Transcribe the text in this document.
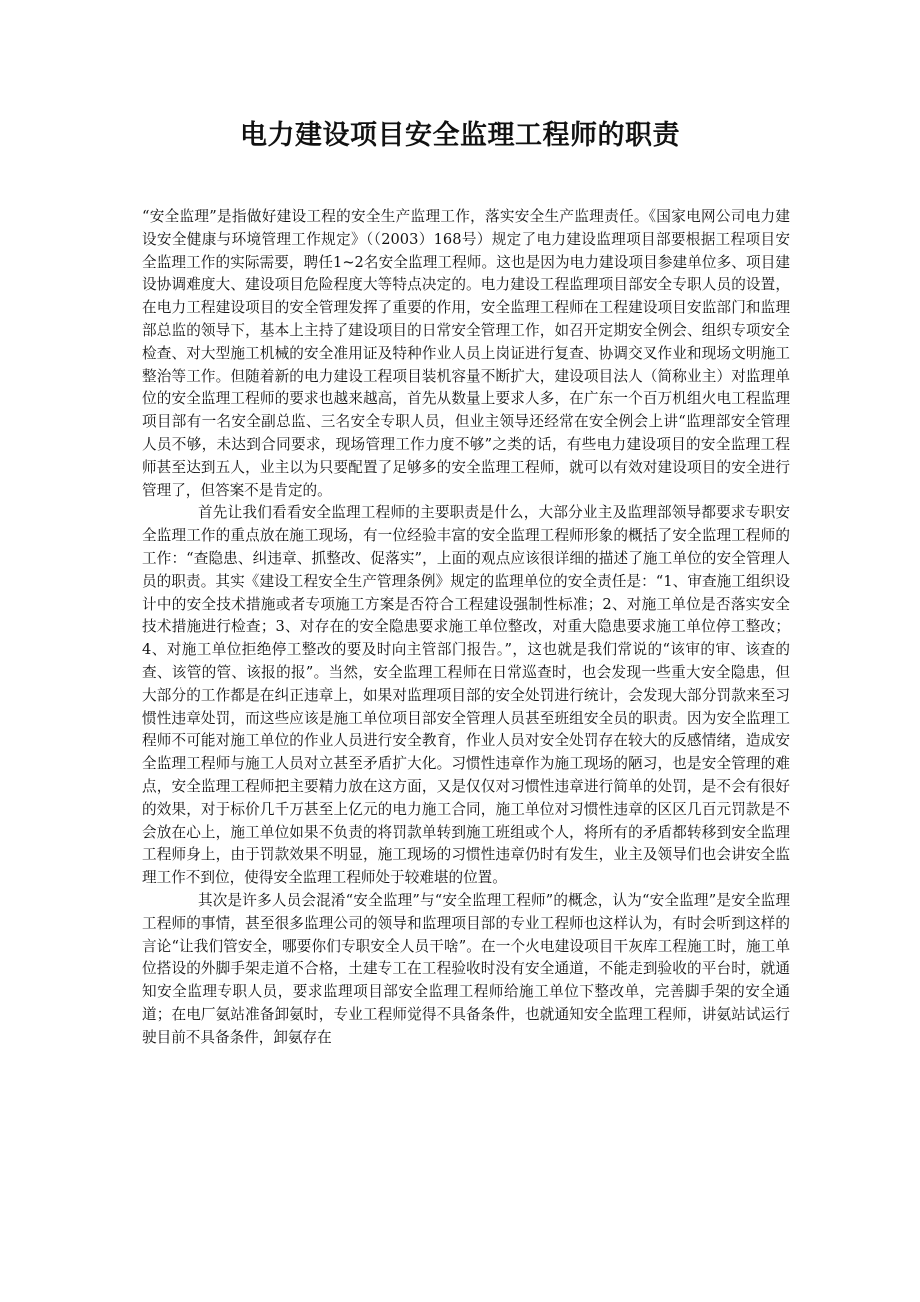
电力建设项目安全监理工程师的职责

“安全监理”是指做好建设工程的安全生产监理工作，落实安全生产监理责任。《国家电网公司电力建设安全健康与环境管理工作规定》（（2003）168号）规定了电力建设监理项目部要根据工程项目安全监理工作的实际需要，聘任1~2名安全监理工程师。这也是因为电力建设项目参建单位多、项目建设协调难度大、建设项目危险程度大等特点决定的。电力建设工程监理项目部安全专职人员的设置，在电力工程建设项目的安全管理发挥了重要的作用，安全监理工程师在工程建设项目安监部门和监理部总监的领导下，基本上主持了建设项目的日常安全管理工作，如召开定期安全例会、组织专项安全检查、对大型施工机械的安全准用证及特种作业人员上岗证进行复查、协调交叉作业和现场文明施工整治等工作。但随着新的电力建设工程项目装机容量不断扩大，建设项目法人（简称业主）对监理单位的安全监理工程师的要求也越来越高，首先从数量上要求人多，在广东一个百万机组火电工程监理项目部有一名安全副总监、三名安全专职人员，但业主领导还经常在安全例会上讲“监理部安全管理人员不够，未达到合同要求，现场管理工作力度不够”之类的话，有些电力建设项目的安全监理工程师甚至达到五人，业主以为只要配置了足够多的安全监理工程师，就可以有效对建设项目的安全进行管理了，但答案不是肯定的。

首先让我们看看安全监理工程师的主要职责是什么，大部分业主及监理部领导都要求专职安全监理工作的重点放在施工现场，有一位经验丰富的安全监理工程师形象的概括了安全监理工程师的工作：“查隐患、纠违章、抓整改、促落实”，上面的观点应该很详细的描述了施工单位的安全管理人员的职责。其实《建设工程安全生产管理条例》规定的监理单位的安全责任是：“1、审查施工组织设计中的安全技术措施或者专项施工方案是否符合工程建设强制性标准；2、对施工单位是否落实安全技术措施进行检查；3、对存在的安全隐患要求施工单位整改，对重大隐患要求施工单位停工整改；4、对施工单位拒绝停工整改的要及时向主管部门报告。”，这也就是我们常说的“该审的审、该查的查、该管的管、该报的报”。当然，安全监理工程师在日常巡查时，也会发现一些重大安全隐患，但大部分的工作都是在纠正违章上，如果对监理项目部的安全处罚进行统计，会发现大部分罚款来至习惯性违章处罚，而这些应该是施工单位项目部安全管理人员甚至班组安全员的职责。因为安全监理工程师不可能对施工单位的作业人员进行安全教育，作业人员对安全处罚存在较大的反感情绪，造成安全监理工程师与施工人员对立甚至矛盾扩大化。习惯性违章作为施工现场的陋习，也是安全管理的难点，安全监理工程师把主要精力放在这方面，又是仅仅对习惯性违章进行简单的处罚，是不会有很好的效果，对于标价几千万甚至上亿元的电力施工合同，施工单位对习惯性违章的区区几百元罚款是不会放在心上，施工单位如果不负责的将罚款单转到施工班组或个人，将所有的矛盾都转移到安全监理工程师身上，由于罚款效果不明显，施工现场的习惯性违章仍时有发生，业主及领导们也会讲安全监理工作不到位，使得安全监理工程师处于较难堪的位置。

其次是许多人员会混淆“安全监理”与“安全监理工程师”的概念，认为“安全监理”是安全监理工程师的事情，甚至很多监理公司的领导和监理项目部的专业工程师也这样认为，有时会听到这样的言论“让我们管安全，哪要你们专职安全人员干啥”。在一个火电建设项目干灰库工程施工时，施工单位搭设的外脚手架走道不合格，土建专工在工程验收时没有安全通道，不能走到验收的平台时，就通知安全监理专职人员，要求监理项目部安全监理工程师给施工单位下整改单，完善脚手架的安全通道；在电厂氨站准备卸氨时，专业工程师觉得不具备条件，也就通知安全监理工程师，讲氨站试运行驶目前不具备条件，卸氨存在
